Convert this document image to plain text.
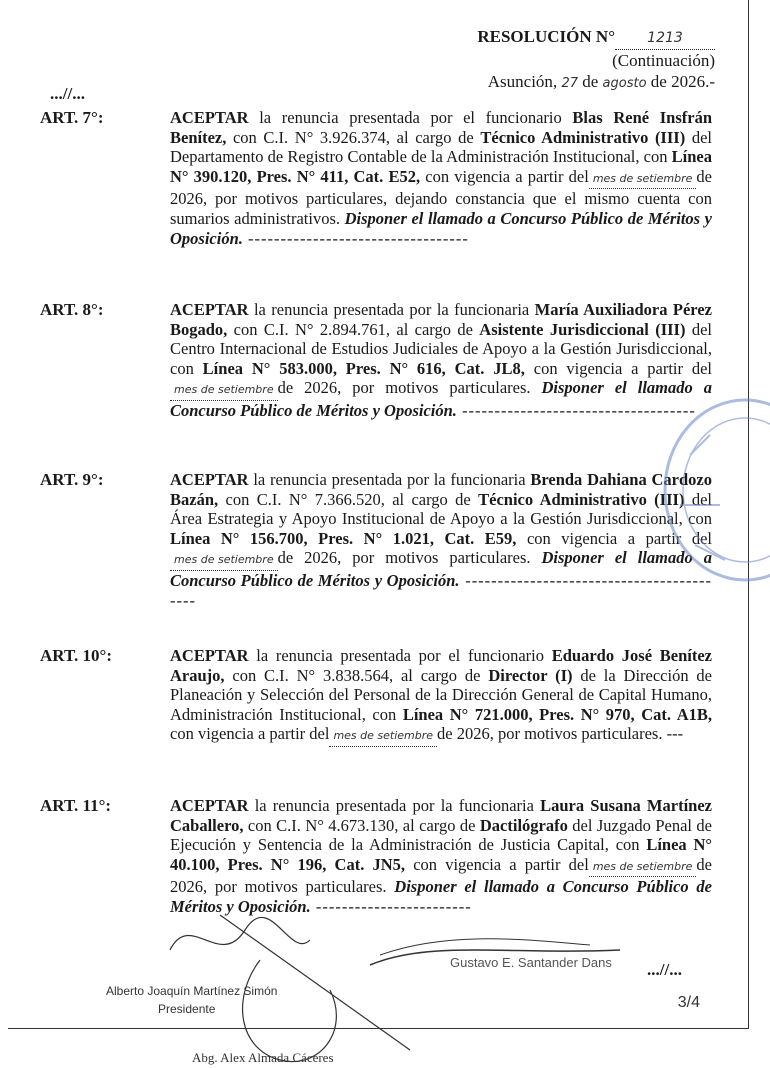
RESOLUCIÓN N° 1213
(Continuación)
Asunción, 27 de agosto de 2026.-
...//...
ART. 7°:	ACEPTAR la renuncia presentada por el funcionario Blas René Insfrán Benítez, con C.I. N° 3.926.374, al cargo de Técnico Administrativo (III) del Departamento de Registro Contable de la Administración Institucional, con Línea N° 390.120, Pres. N° 411, Cat. E52, con vigencia a partir del mes de setiembre de 2026, por motivos particulares, dejando constancia que el mismo cuenta con sumarios administrativos. Disponer el llamado a Concurso Público de Méritos y Oposición. ----------------------------------
ART. 8°:	ACEPTAR la renuncia presentada por la funcionaria María Auxiliadora Pérez Bogado, con C.I. N° 2.894.761, al cargo de Asistente Jurisdiccional (III) del Centro Internacional de Estudios Judiciales de Apoyo a la Gestión Jurisdiccional, con Línea N° 583.000, Pres. N° 616, Cat. JL8, con vigencia a partir delmes de setiembre de 2026, por motivos particulares. Disponer el llamado a Concurso Público de Méritos y Oposición. ------------------------------------
ART. 9°:	ACEPTAR la renuncia presentada por la funcionaria Brenda Dahiana Cardozo Bazán, con C.I. N° 7.366.520, al cargo de Técnico Administrativo (III) del Área Estrategia y Apoyo Institucional de Apoyo a la Gestión Jurisdiccional, con Línea N° 156.700, Pres. N° 1.021, Cat. E59, con vigencia a partir delmes de setiembre de 2026, por motivos particulares. Disponer el llamado a Concurso Público de Méritos y Oposición. ------------------------------------------
ART. 10°:	ACEPTAR la renuncia presentada por el funcionario Eduardo José Benítez Araujo, con C.I. N° 3.838.564, al cargo de Director (I) de la Dirección de Planeación y Selección del Personal de la Dirección General de Capital Humano, Administración Institucional, con Línea N° 721.000, Pres. N° 970, Cat. A1B, con vigencia a partir del mes de setiembre de 2026, por motivos particulares. ---
ART. 11°:	ACEPTAR la renuncia presentada por la funcionaria Laura Susana Martínez Caballero, con C.I. N° 4.673.130, al cargo de Dactilógrafo del Juzgado Penal de Ejecución y Sentencia de la Administración de Justicia Capital, con Línea N° 40.100, Pres. N° 196, Cat. JN5, con vigencia a partir del mes de setiembre de 2026, por motivos particulares. Disponer el llamado a Concurso Público de Méritos y Oposición. ------------------------
Alberto Joaquín Martínez Simón
Presidente
Gustavo E. Santander Dans
Abg. Alex Almada Cáceres
...//...
3/4
